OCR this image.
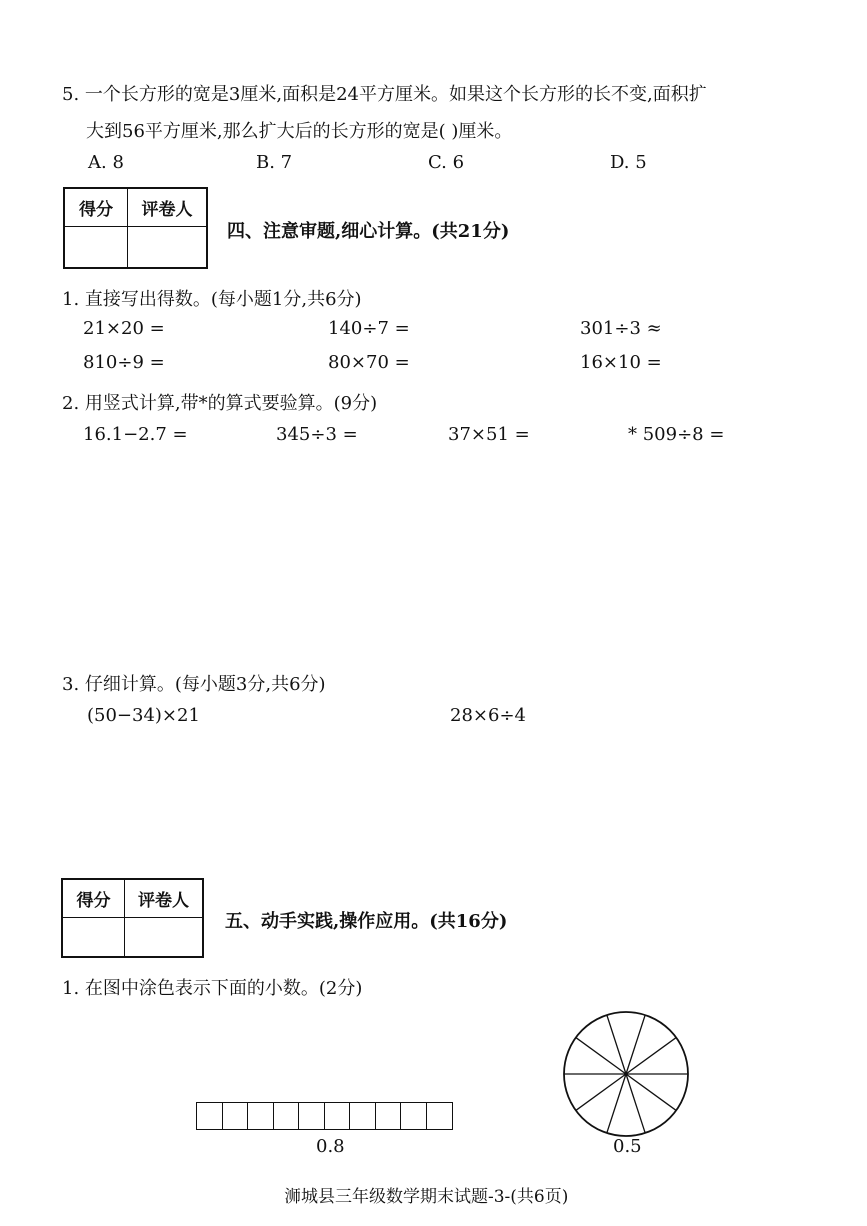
5. 一个长方形的宽是3厘米,面积是24平方厘米。如果这个长方形的长不变,面积扩
大到56平方厘米,那么扩大后的长方形的宽是( )厘米。
A. 8	B. 7	C. 6	D. 5
得分	评卷人

四、注意审题,细心计算。(共21分)
1. 直接写出得数。(每小题1分,共6分)
21×20 =	140÷7 =	301÷3 ≈
810÷9 =	80×70 =	16×10 =
2. 用竖式计算,带*的算式要验算。(9分)
16.1−2.7 =	345÷3 =	37×51 =	* 509÷8 =
3. 仔细计算。(每小题3分,共6分)
(50−34)×21	28×6÷4
得分	评卷人

五、动手实践,操作应用。(共16分)
1. 在图中涂色表示下面的小数。(2分)
0.8	0.5
浉城县三年级数学期末试题-3-(共6页)
